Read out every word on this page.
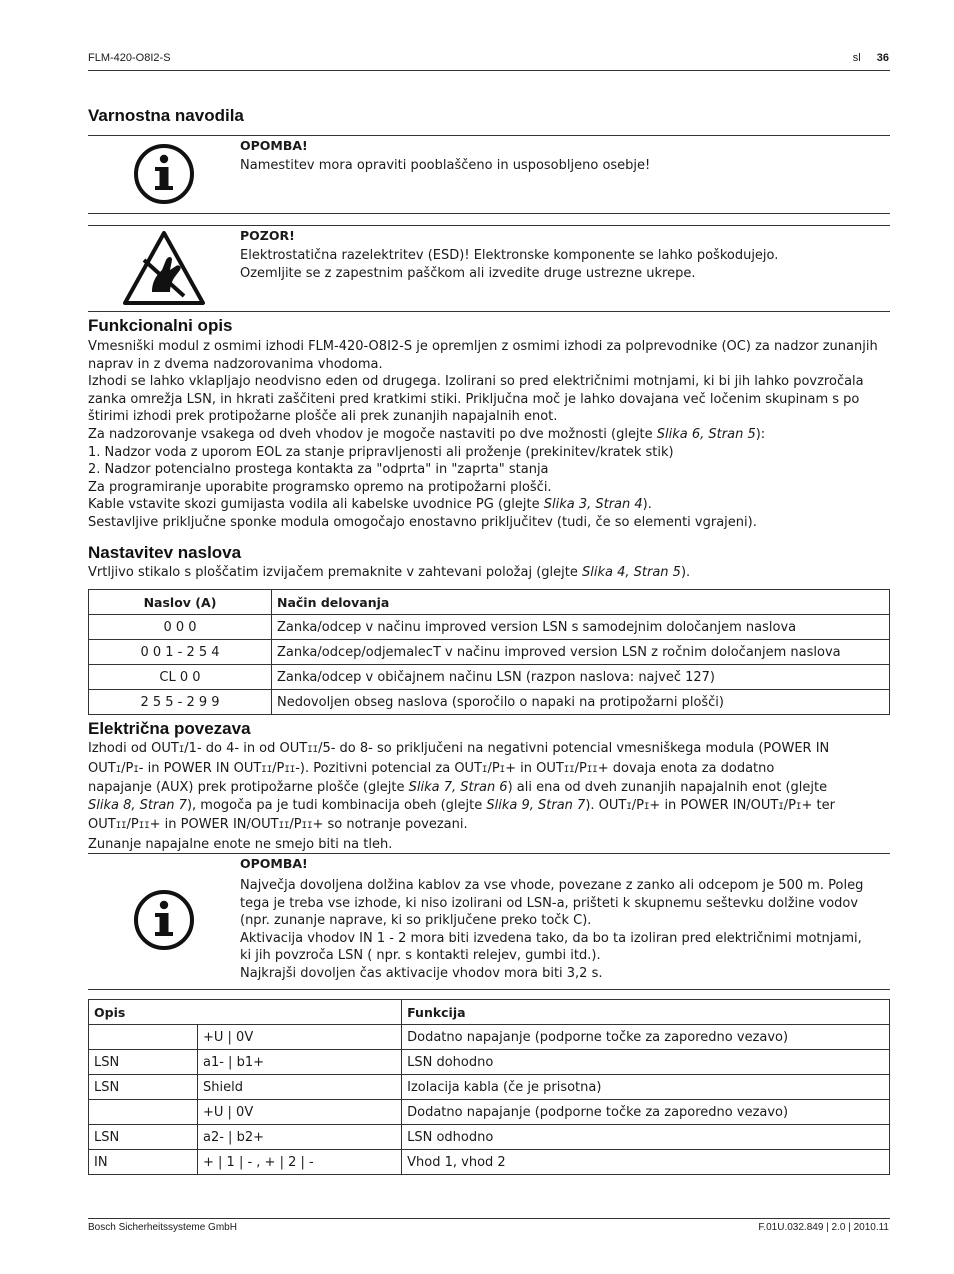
FLM-420-O8I2-S	sl 36
Varnostna navodila
OPOMBA!
Namestitev mora opraviti pooblaščeno in usposobljeno osebje!
POZOR!
Elektrostatična razelektritev (ESD)! Elektronske komponente se lahko poškodujejo.
Ozemljite se z zapestnim paščkom ali izvedite druge ustrezne ukrepe.
Funkcionalni opis

Vmesniški modul z osmimi izhodi FLM-420-O8I2-S je opremljen z osmimi izhodi za polprevodnike (OC) za nadzor zunanjih naprav in z dvema nadzorovanima vhodoma.

Izhodi se lahko vklapljajo neodvisno eden od drugega. Izolirani so pred električnimi motnjami, ki bi jih lahko povzročala zanka omrežja LSN, in hkrati zaščiteni pred kratkimi stiki. Priključna moč je lahko dovajana več ločenim skupinam s po štirimi izhodi prek protipožarne plošče ali prek zunanjih napajalnih enot.

Za nadzorovanje vsakega od dveh vhodov je mogoče nastaviti po dve možnosti (glejte Slika 6, Stran 5):

1. Nadzor voda z uporom EOL za stanje pripravljenosti ali proženje (prekinitev/kratek stik)

2. Nadzor potencialno prostega kontakta za "odprta" in "zaprta" stanja

Za programiranje uporabite programsko opremo na protipožarni plošči.

Kable vstavite skozi gumijasta vodila ali kabelske uvodnice PG (glejte Slika 3, Stran 4).

Sestavljive priključne sponke modula omogočajo enostavno priključitev (tudi, če so elementi vgrajeni).

Nastavitev naslova
Vrtljivo stikalo s ploščatim izvijačem premaknite v zahtevani položaj (glejte Slika 4, Stran 5).
Naslov (A)	Način delovanja
0 0 0	Zanka/odcep v načinu improved version LSN s samodejnim določanjem naslova
0 0 1 - 2 5 4	Zanka/odcep/odjemalecT v načinu improved version LSN z ročnim določanjem naslova
CL 0 0	Zanka/odcep v običajnem načinu LSN (razpon naslova: največ 127)
2 5 5 - 2 9 9	Nedovoljen obseg naslova (sporočilo o napaki na protipožarni plošči)
Električna povezava

Izhodi od OUTI/1- do 4- in od OUTII/5- do 8- so priključeni na negativni potencial vmesniškega modula (POWER IN

OUTI/PI- in POWER IN OUTII/PII-). Pozitivni potencial za OUTI/PI+ in OUTII/PII+ dovaja enota za dodatno

napajanje (AUX) prek protipožarne plošče (glejte Slika 7, Stran 6) ali ena od dveh zunanjih napajalnih enot (glejte

Slika 8, Stran 7), mogoča pa je tudi kombinacija obeh (glejte Slika 9, Stran 7). OUTI/PI+ in POWER IN/OUTI/PI+ ter

OUTII/PII+ in POWER IN/OUTII/PII+ so notranje povezani.

Zunanje napajalne enote ne smejo biti na tleh.

OPOMBA!
Največja dovoljena dolžina kablov za vse vhode, povezane z zanko ali odcepom je 500 m. Poleg
tega je treba vse izhode, ki niso izolirani od LSN-a, prišteti k skupnemu seštevku dolžine vodov
(npr. zunanje naprave, ki so priključene preko točk C).
Aktivacija vhodov IN 1 - 2 mora biti izvedena tako, da bo ta izoliran pred električnimi motnjami,
ki jih povzroča LSN ( npr. s kontakti relejev, gumbi itd.).
Najkrajši dovoljen čas aktivacije vhodov mora biti 3,2 s.
Opis		Funkcija
	+U | 0V	Dodatno napajanje (podporne točke za zaporedno vezavo)
LSN	a1- | b1+	LSN dohodno
LSN	Shield	Izolacija kabla (če je prisotna)
	+U | 0V	Dodatno napajanje (podporne točke za zaporedno vezavo)
LSN	a2- | b2+	LSN odhodno
IN	+ | 1 | - , + | 2 | -	Vhod 1, vhod 2
Bosch Sicherheitssysteme GmbH	F.01U.032.849 | 2.0 | 2010.11
